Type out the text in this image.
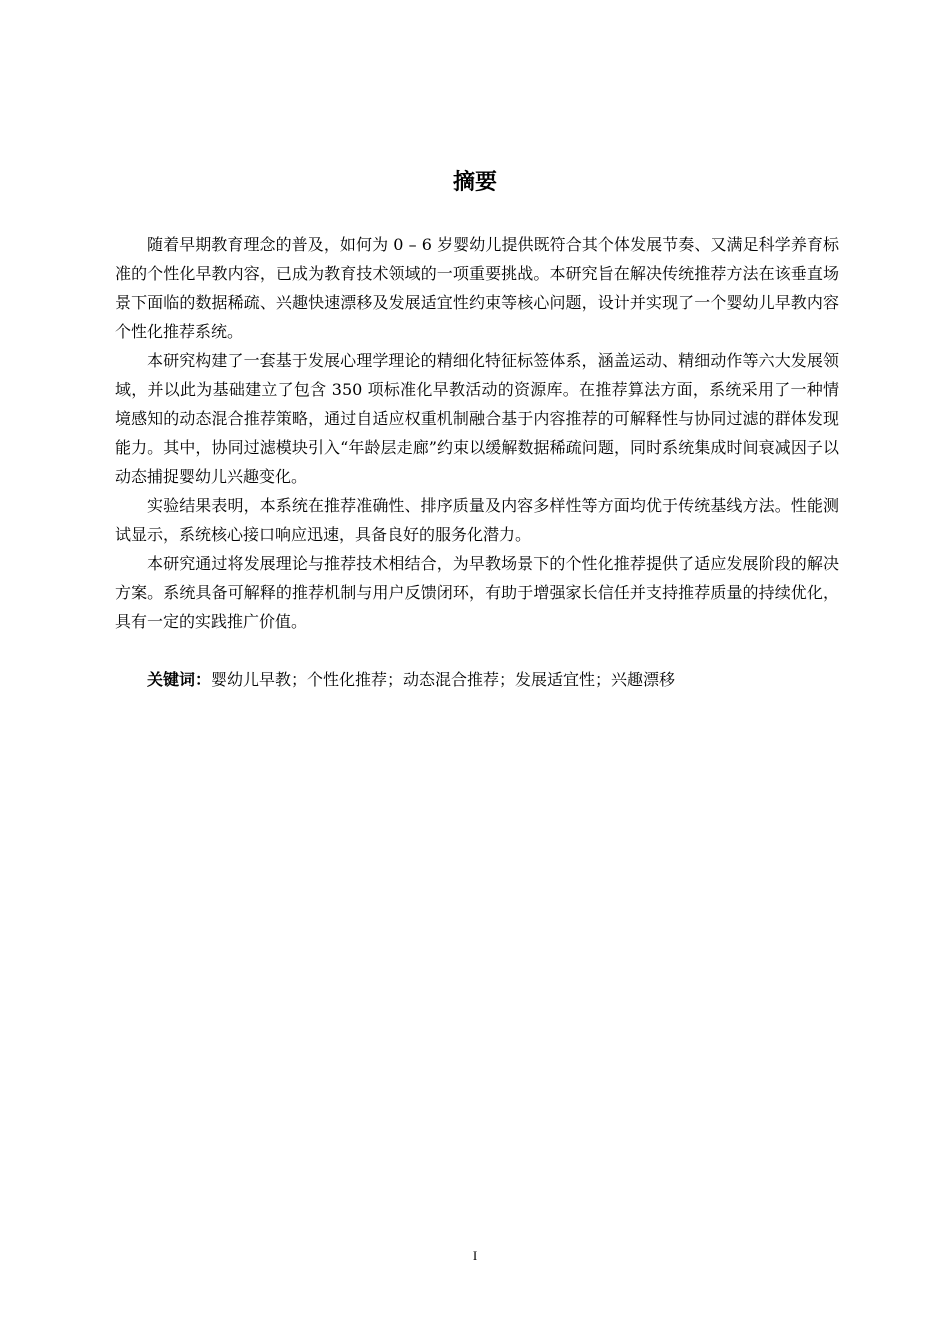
摘要

随着早期教育理念的普及，如何为 0 – 6 岁婴幼儿提供既符合其个体发展节奏、又满足科学养育标准的个性化早教内容，已成为教育技术领域的一项重要挑战。本研究旨在解决传统推荐方法在该垂直场景下面临的数据稀疏、兴趣快速漂移及发展适宜性约束等核心问题，设计并实现了一个婴幼儿早教内容个性化推荐系统。

本研究构建了一套基于发展心理学理论的精细化特征标签体系，涵盖运动、精细动作等六大发展领域，并以此为基础建立了包含 350 项标准化早教活动的资源库。在推荐算法方面，系统采用了一种情境感知的动态混合推荐策略，通过自适应权重机制融合基于内容推荐的可解释性与协同过滤的群体发现能力。其中，协同过滤模块引入“年龄层走廊”约束以缓解数据稀疏问题，同时系统集成时间衰减因子以动态捕捉婴幼儿兴趣变化。

实验结果表明，本系统在推荐准确性、排序质量及内容多样性等方面均优于传统基线方法。性能测试显示，系统核心接口响应迅速，具备良好的服务化潜力。

本研究通过将发展理论与推荐技术相结合，为早教场景下的个性化推荐提供了适应发展阶段的解决方案。系统具备可解释的推荐机制与用户反馈闭环，有助于增强家长信任并支持推荐质量的持续优化，具有一定的实践推广价值。

关键词：婴幼儿早教；个性化推荐；动态混合推荐；发展适宜性；兴趣漂移

I
